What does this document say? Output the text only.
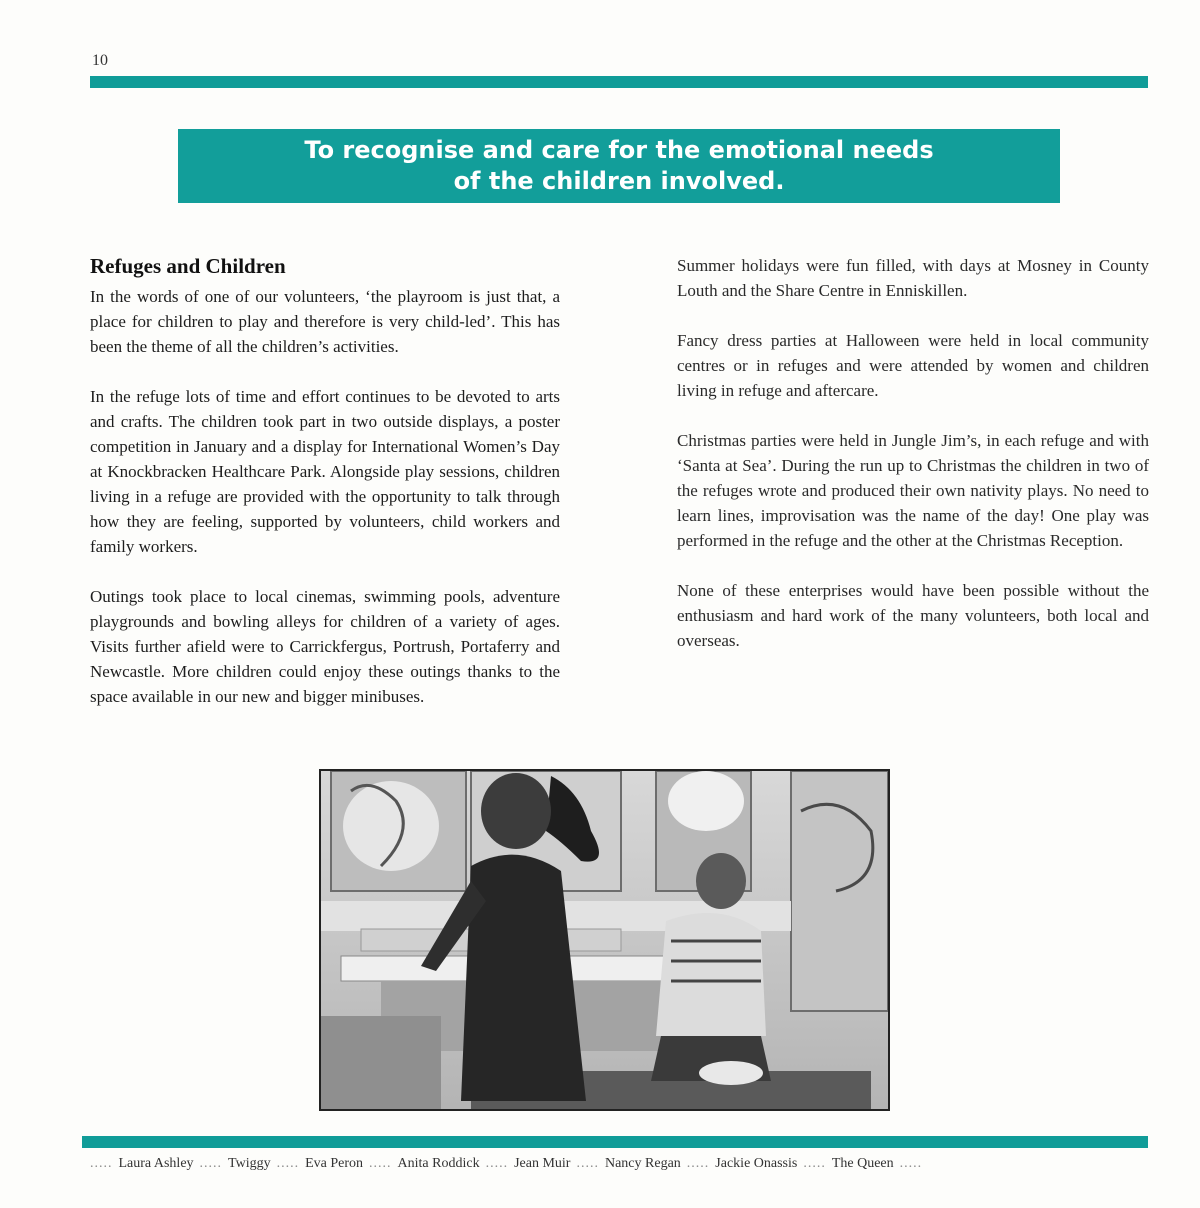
10
To recognise and care for the emotional needs
of the children involved.
Refuges and Children

In the words of one of our volunteers, ‘the playroom is just that, a place for children to play and therefore is very child-led’. This has been the theme of all the children’s activities.

In the refuge lots of time and effort continues to be devoted to arts and crafts. The children took part in two outside displays, a poster competition in January and a display for International Women’s Day at Knockbracken Healthcare Park. Alongside play sessions, children living in a refuge are provided with the opportunity to talk through how they are feeling, supported by volunteers, child workers and family workers.

Outings took place to local cinemas, swimming pools, adventure playgrounds and bowling alleys for children of a variety of ages. Visits further afield were to Carrickfergus, Portrush, Portaferry and Newcastle. More children could enjoy these outings thanks to the space available in our new and bigger minibuses.

Summer holidays were fun filled, with days at Mosney in County Louth and the Share Centre in Enniskillen.

Fancy dress parties at Halloween were held in local community centres or in refuges and were attended by women and children living in refuge and aftercare.

Christmas parties were held in Jungle Jim’s, in each refuge and with ‘Santa at Sea’. During the run up to Christmas the children in two of the refuges wrote and produced their own nativity plays. No need to learn lines, improvisation was the name of the day! One play was performed in the refuge and the other at the Christmas Reception.

None of these enterprises would have been possible without the enthusiasm and hard work of the many volunteers, both local and overseas.

..... Laura Ashley ..... Twiggy ..... Eva Peron ..... Anita Roddick ..... Jean Muir ..... Nancy Regan ..... Jackie Onassis ..... The Queen .....
